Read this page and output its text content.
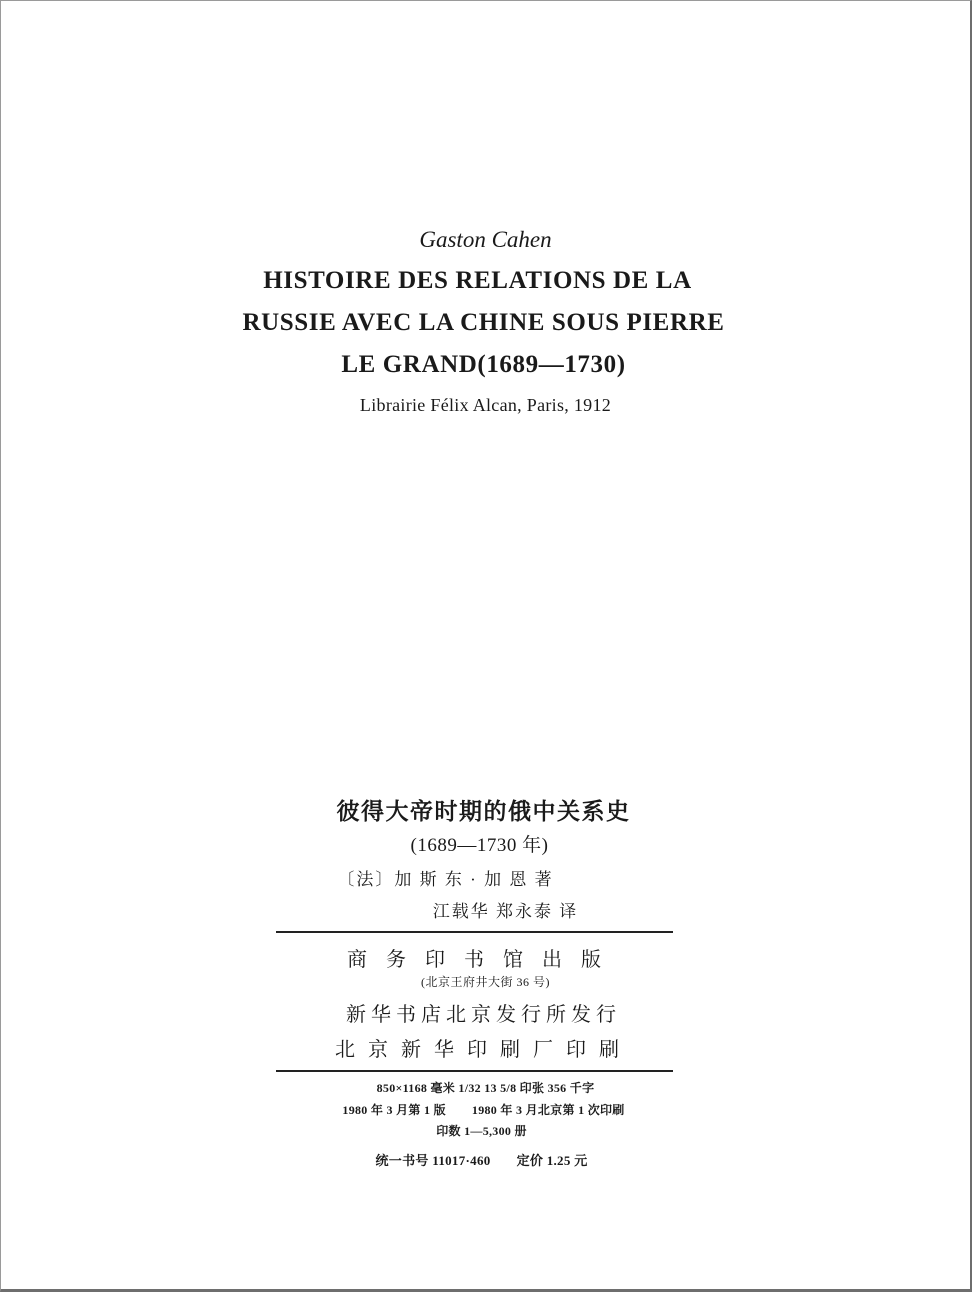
Gaston Cahen
HISTOIRE DES RELATIONS DE LA
RUSSIE AVEC LA CHINE SOUS PIERRE
LE GRAND(1689—1730)
Librairie Félix Alcan, Paris, 1912
彼得大帝时期的俄中关系史
(1689—1730 年)
〔法〕加 斯 东 · 加 恩 著
江载华 郑永泰 译
商务印书馆出版
(北京王府井大街 36 号)
新华书店北京发行所发行
北京新华印刷厂印刷
850×1168 毫米 1/32 13 5/8 印张 356 千字
1980 年 3 月第 1 版 1980 年 3 月北京第 1 次印刷
印数 1—5,300 册
统一书号 11017·460 定价 1.25 元
